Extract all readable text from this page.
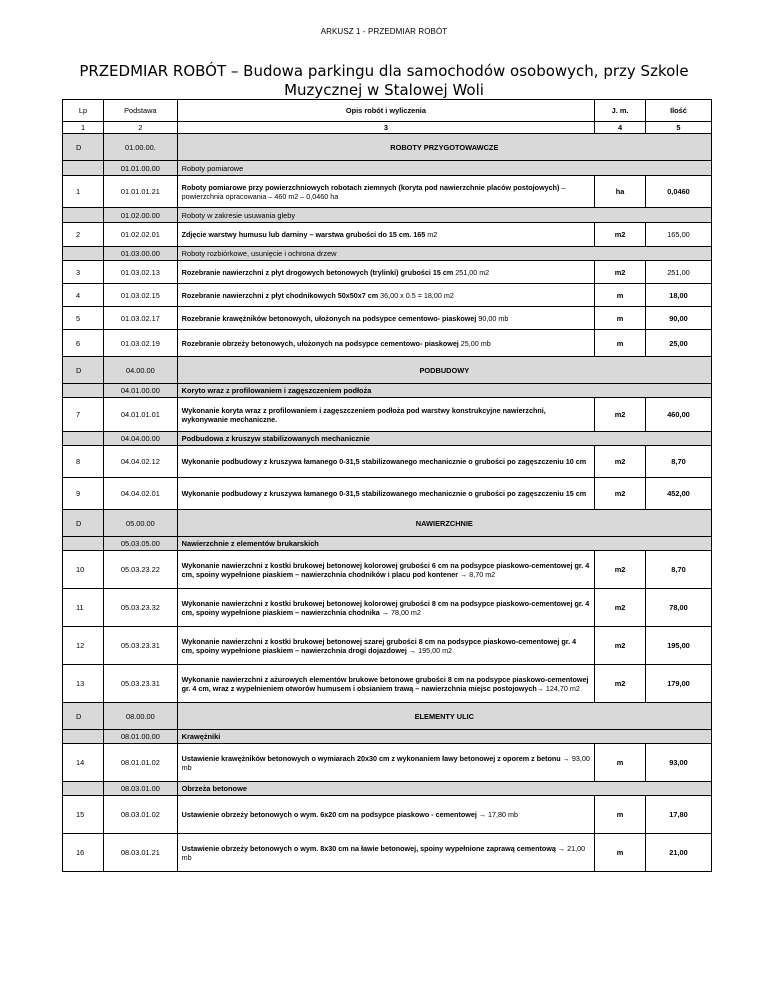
ARKUSZ 1 - PRZEDMIAR ROBÓT
PRZEDMIAR ROBÓT – Budowa parkingu dla samochodów osobowych, przy Szkole
Muzycznej w Stalowej Woli
Lp	Podstawa	Opis robót i wyliczenia	J. m.	Ilość
1	2	3	4	5
D	01.00.00.	ROBOTY PRZYGOTOWAWCZE		
	01.01.00.00	Roboty pomiarowe		
1	01.01.01.21	Roboty pomiarowe przy powierzchniowych robotach ziemnych (koryta pod nawierzchnie placów postojowych) – powierzchnia opracowania – 460 m2 – 0,0460 ha	ha	0,0460
	01.02.00.00	Roboty w zakresie usuwania gleby		
2	01.02.02.01	Zdjęcie warstwy humusu lub darniny – warstwa grubości do 15 cm. 165 m2	m2	165,00
	01.03.00.00	Roboty rozbiórkowe, usunięcie i ochrona drzew		
3	01.03.02.13	Rozebranie nawierzchni z płyt drogowych betonowych (trylinki) grubości 15 cm 251,00 m2	m2	251,00
4	01.03.02.15	Rozebranie nawierzchni z płyt chodnikowych 50x50x7 cm 36,00 x 0.5 = 18,00 m2	m	18,00
5	01.03.02.17	Rozebranie krawężników betonowych, ułożonych na podsypce cementowo- piaskowej 90,00 mb	m	90,00
6	01.03.02.19	Rozebranie obrzeży betonowych, ułożonych na podsypce cementowo- piaskowej 25,00 mb	m	25,00
D	04.00.00	PODBUDOWY		
	04.01.00.00	Koryto wraz z profilowaniem i zagęszczeniem podłoża		
7	04.01.01.01	Wykonanie koryta wraz z profilowaniem i zagęszczeniem podłoża pod warstwy konstrukcyjne nawierzchni, wykonywanie mechaniczne.	m2	460,00
	04.04.00.00	Podbudowa z kruszyw stabilizowanych mechanicznie		
8	04.04.02.12	Wykonanie podbudowy z kruszywa łamanego 0-31,5 stabilizowanego mechanicznie o grubości po zagęszczeniu 10 cm	m2	8,70
9	04.04.02.01	Wykonanie podbudowy z kruszywa łamanego 0-31,5 stabilizowanego mechanicznie o grubości po zagęszczeniu 15 cm	m2	452,00
D	05.00.00	NAWIERZCHNIE		
	05.03.05.00	Nawierzchnie z elementów brukarskich		
10	05.03.23.22	Wykonanie nawierzchni z kostki brukowej betonowej kolorowej grubości 6 cm na podsypce piaskowo-cementowej gr. 4 cm, spoiny wypełnione piaskiem – nawierzchnia chodników i placu pod kontener → 8,70 m2	m2	8,70
11	05.03.23.32	Wykonanie nawierzchni z kostki brukowej betonowej kolorowej grubości 8 cm na podsypce piaskowo-cementowej gr. 4 cm, spoiny wypełnione piaskiem – nawierzchnia chodnika → 78,00 m2	m2	78,00
12	05.03.23.31	Wykonanie nawierzchni z kostki brukowej betonowej szarej grubości 8 cm na podsypce piaskowo-cementowej gr. 4 cm, spoiny wypełnione piaskiem – nawierzchnia drogi dojazdowej → 195,00 m2	m2	195,00
13	05.03.23.31	Wykonanie nawierzchni z ażurowych elementów brukowe betonowe grubości 8 cm na podsypce piaskowo-cementowej gr. 4 cm, wraz z wypełnieniem otworów humusem i obsianiem trawą – nawierzchnia miejsc postojowych→ 124,70 m2	m2	179,00
D	08.00.00	ELEMENTY ULIC		
	08.01.00.00	Krawężniki		
14	08.01.01.02	Ustawienie krawężników betonowych o wymiarach 20x30 cm z wykonaniem ławy betonowej z oporem z betonu → 93,00 mb	m	93,00
	08.03.01.00	Obrzeża betonowe		
15	08.03.01.02	Ustawienie obrzeży betonowych o wym. 6x20 cm na podsypce piaskowo - cementowej → 17,80 mb	m	17,80
16	08.03.01.21	Ustawienie obrzeży betonowych o wym. 8x30 cm na ławie betonowej, spoiny wypełnione zaprawą cementową → 21,00 mb	m	21,00
